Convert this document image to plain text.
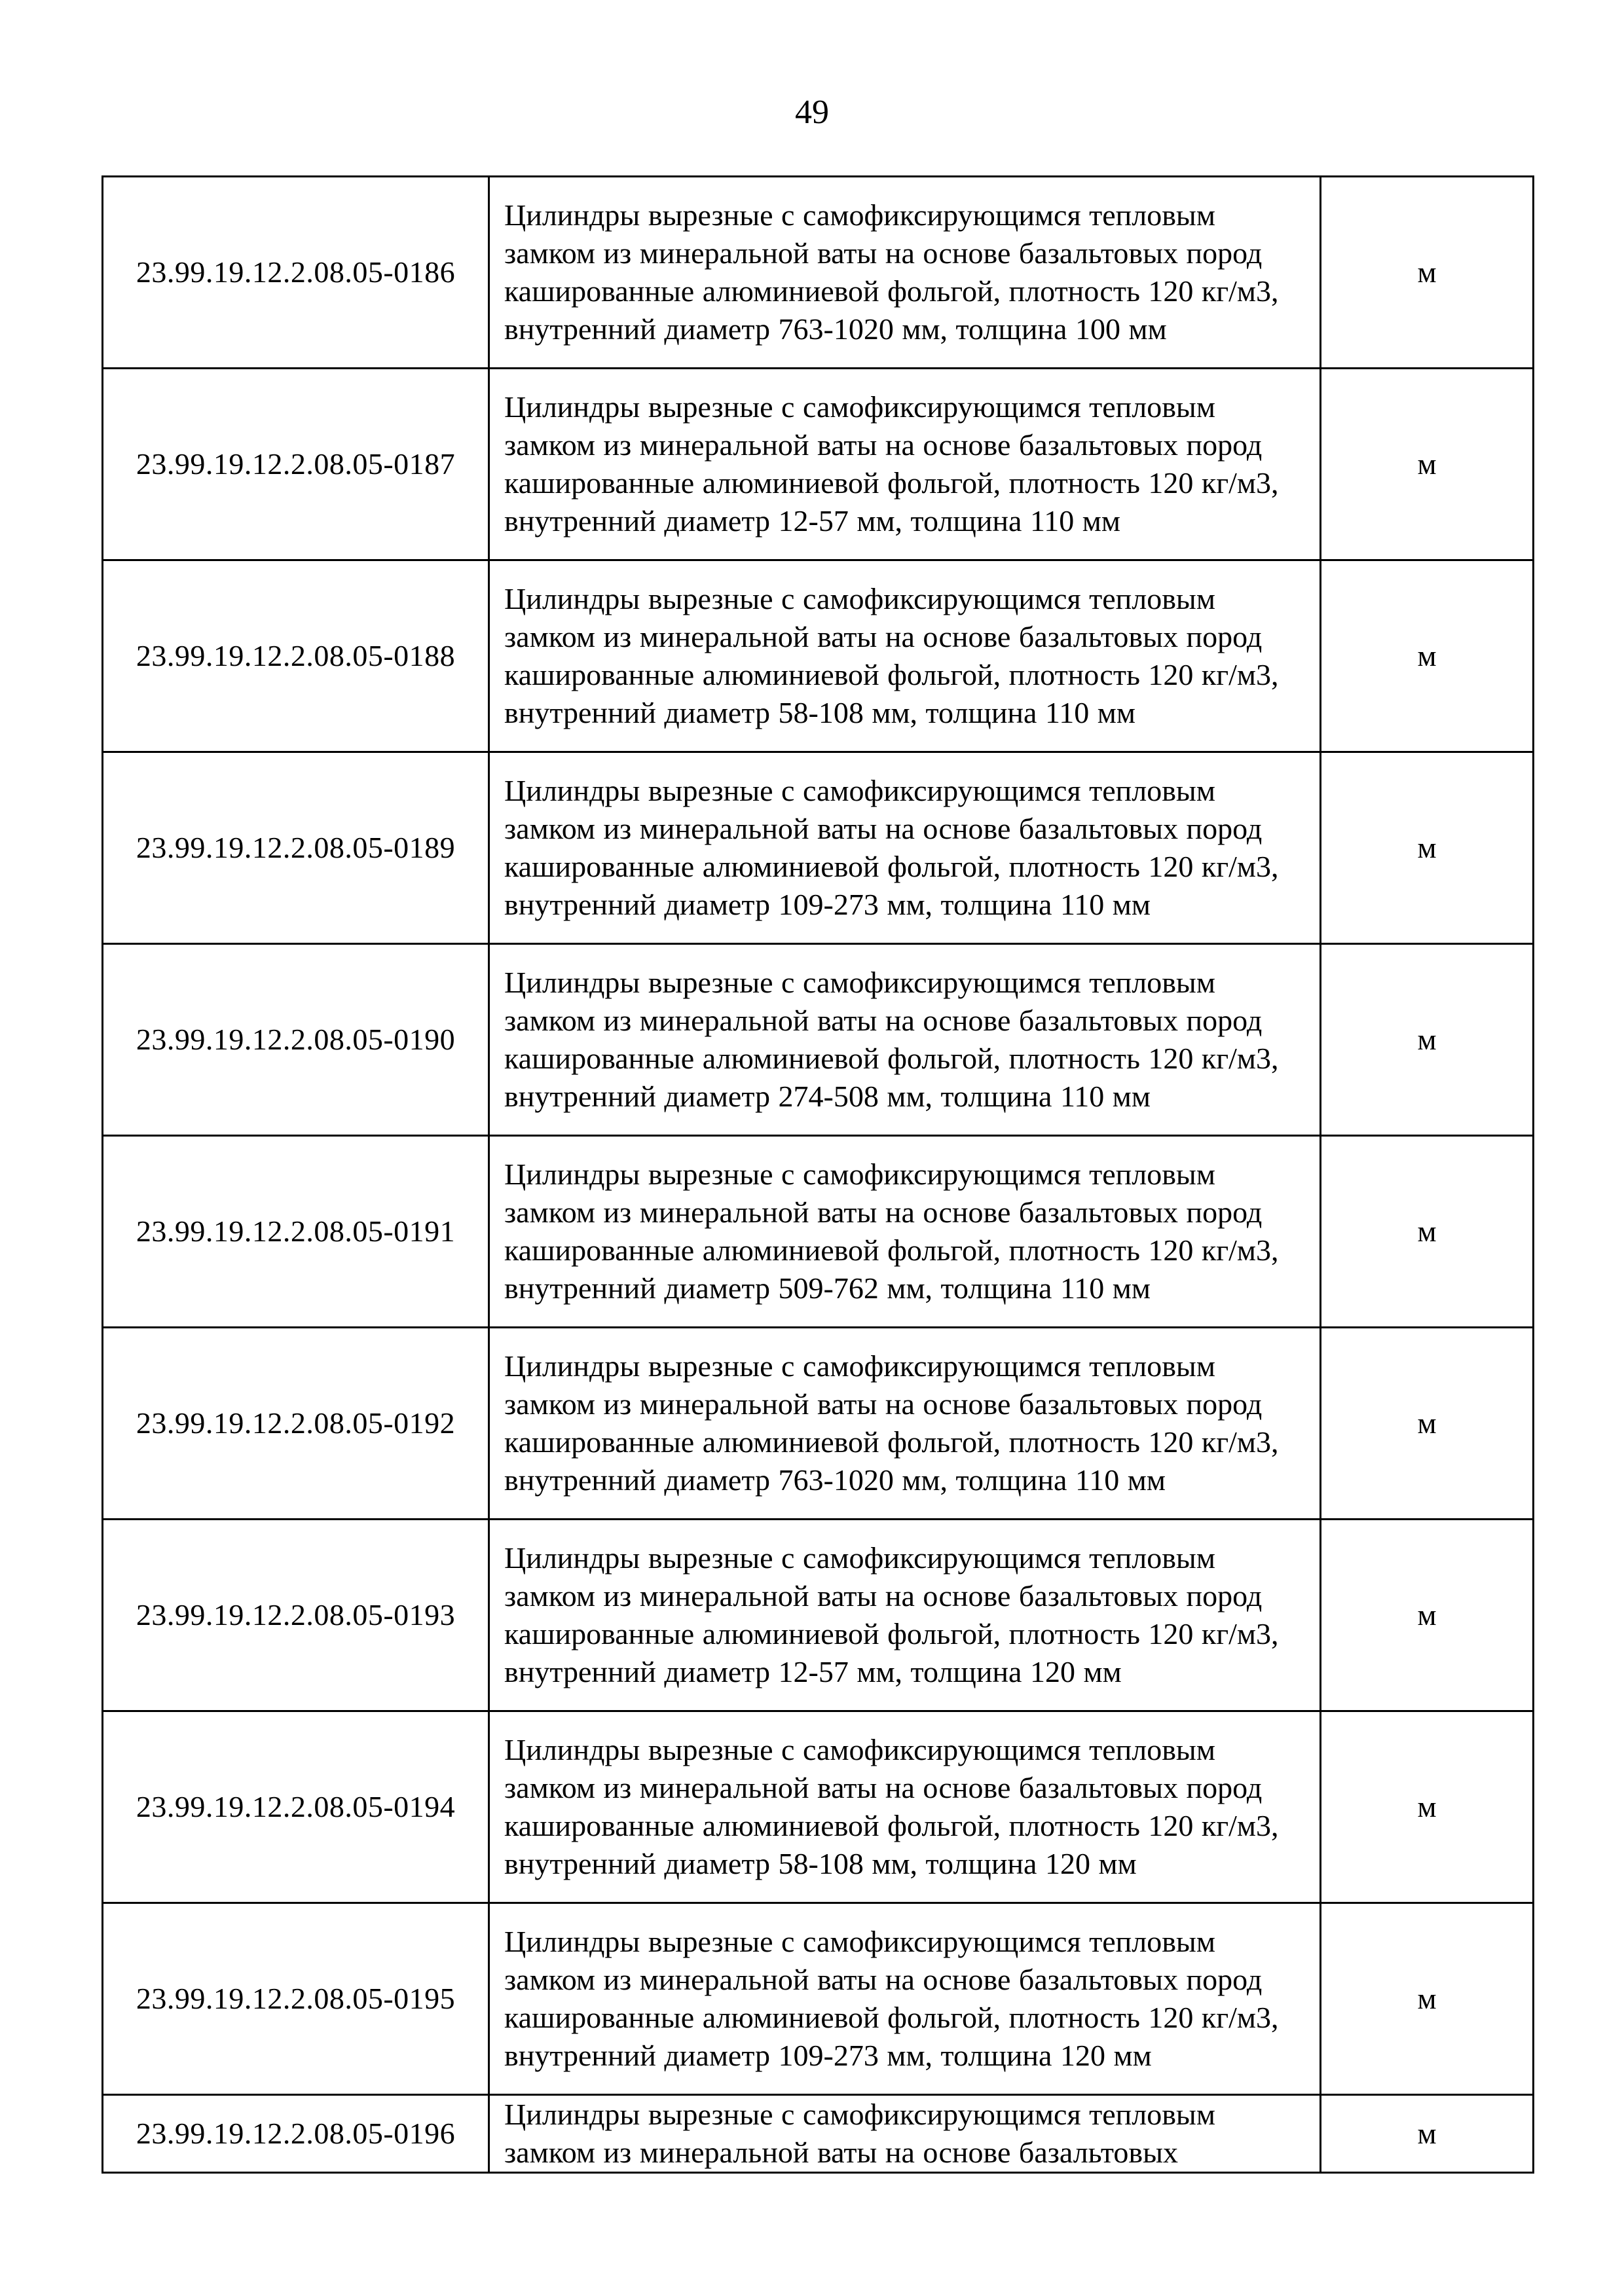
49
23.99.19.12.2.08.05-0186	Цилиндры вырезные с самофиксирующимся тепловым замком из минеральной ваты на основе базальтовых пород кашированные алюминиевой фольгой, плотность 120 кг/м3, внутренний диаметр 763-1020 мм, толщина 100 мм	м
23.99.19.12.2.08.05-0187	Цилиндры вырезные с самофиксирующимся тепловым замком из минеральной ваты на основе базальтовых пород кашированные алюминиевой фольгой, плотность 120 кг/м3, внутренний диаметр 12-57 мм, толщина 110 мм	м
23.99.19.12.2.08.05-0188	Цилиндры вырезные с самофиксирующимся тепловым замком из минеральной ваты на основе базальтовых пород кашированные алюминиевой фольгой, плотность 120 кг/м3, внутренний диаметр 58-108 мм, толщина 110 мм	м
23.99.19.12.2.08.05-0189	Цилиндры вырезные с самофиксирующимся тепловым замком из минеральной ваты на основе базальтовых пород кашированные алюминиевой фольгой, плотность 120 кг/м3, внутренний диаметр 109-273 мм, толщина 110 мм	м
23.99.19.12.2.08.05-0190	Цилиндры вырезные с самофиксирующимся тепловым замком из минеральной ваты на основе базальтовых пород кашированные алюминиевой фольгой, плотность 120 кг/м3, внутренний диаметр 274-508 мм, толщина 110 мм	м
23.99.19.12.2.08.05-0191	Цилиндры вырезные с самофиксирующимся тепловым замком из минеральной ваты на основе базальтовых пород кашированные алюминиевой фольгой, плотность 120 кг/м3, внутренний диаметр 509-762 мм, толщина 110 мм	м
23.99.19.12.2.08.05-0192	Цилиндры вырезные с самофиксирующимся тепловым замком из минеральной ваты на основе базальтовых пород кашированные алюминиевой фольгой, плотность 120 кг/м3, внутренний диаметр 763-1020 мм, толщина 110 мм	м
23.99.19.12.2.08.05-0193	Цилиндры вырезные с самофиксирующимся тепловым замком из минеральной ваты на основе базальтовых пород кашированные алюминиевой фольгой, плотность 120 кг/м3, внутренний диаметр 12-57 мм, толщина 120 мм	м
23.99.19.12.2.08.05-0194	Цилиндры вырезные с самофиксирующимся тепловым замком из минеральной ваты на основе базальтовых пород кашированные алюминиевой фольгой, плотность 120 кг/м3, внутренний диаметр 58-108 мм, толщина 120 мм	м
23.99.19.12.2.08.05-0195	Цилиндры вырезные с самофиксирующимся тепловым замком из минеральной ваты на основе базальтовых пород кашированные алюминиевой фольгой, плотность 120 кг/м3, внутренний диаметр 109-273 мм, толщина 120 мм	м
23.99.19.12.2.08.05-0196	Цилиндры вырезные с самофиксирующимся тепловым замком из минеральной ваты на основе базальтовых	м
